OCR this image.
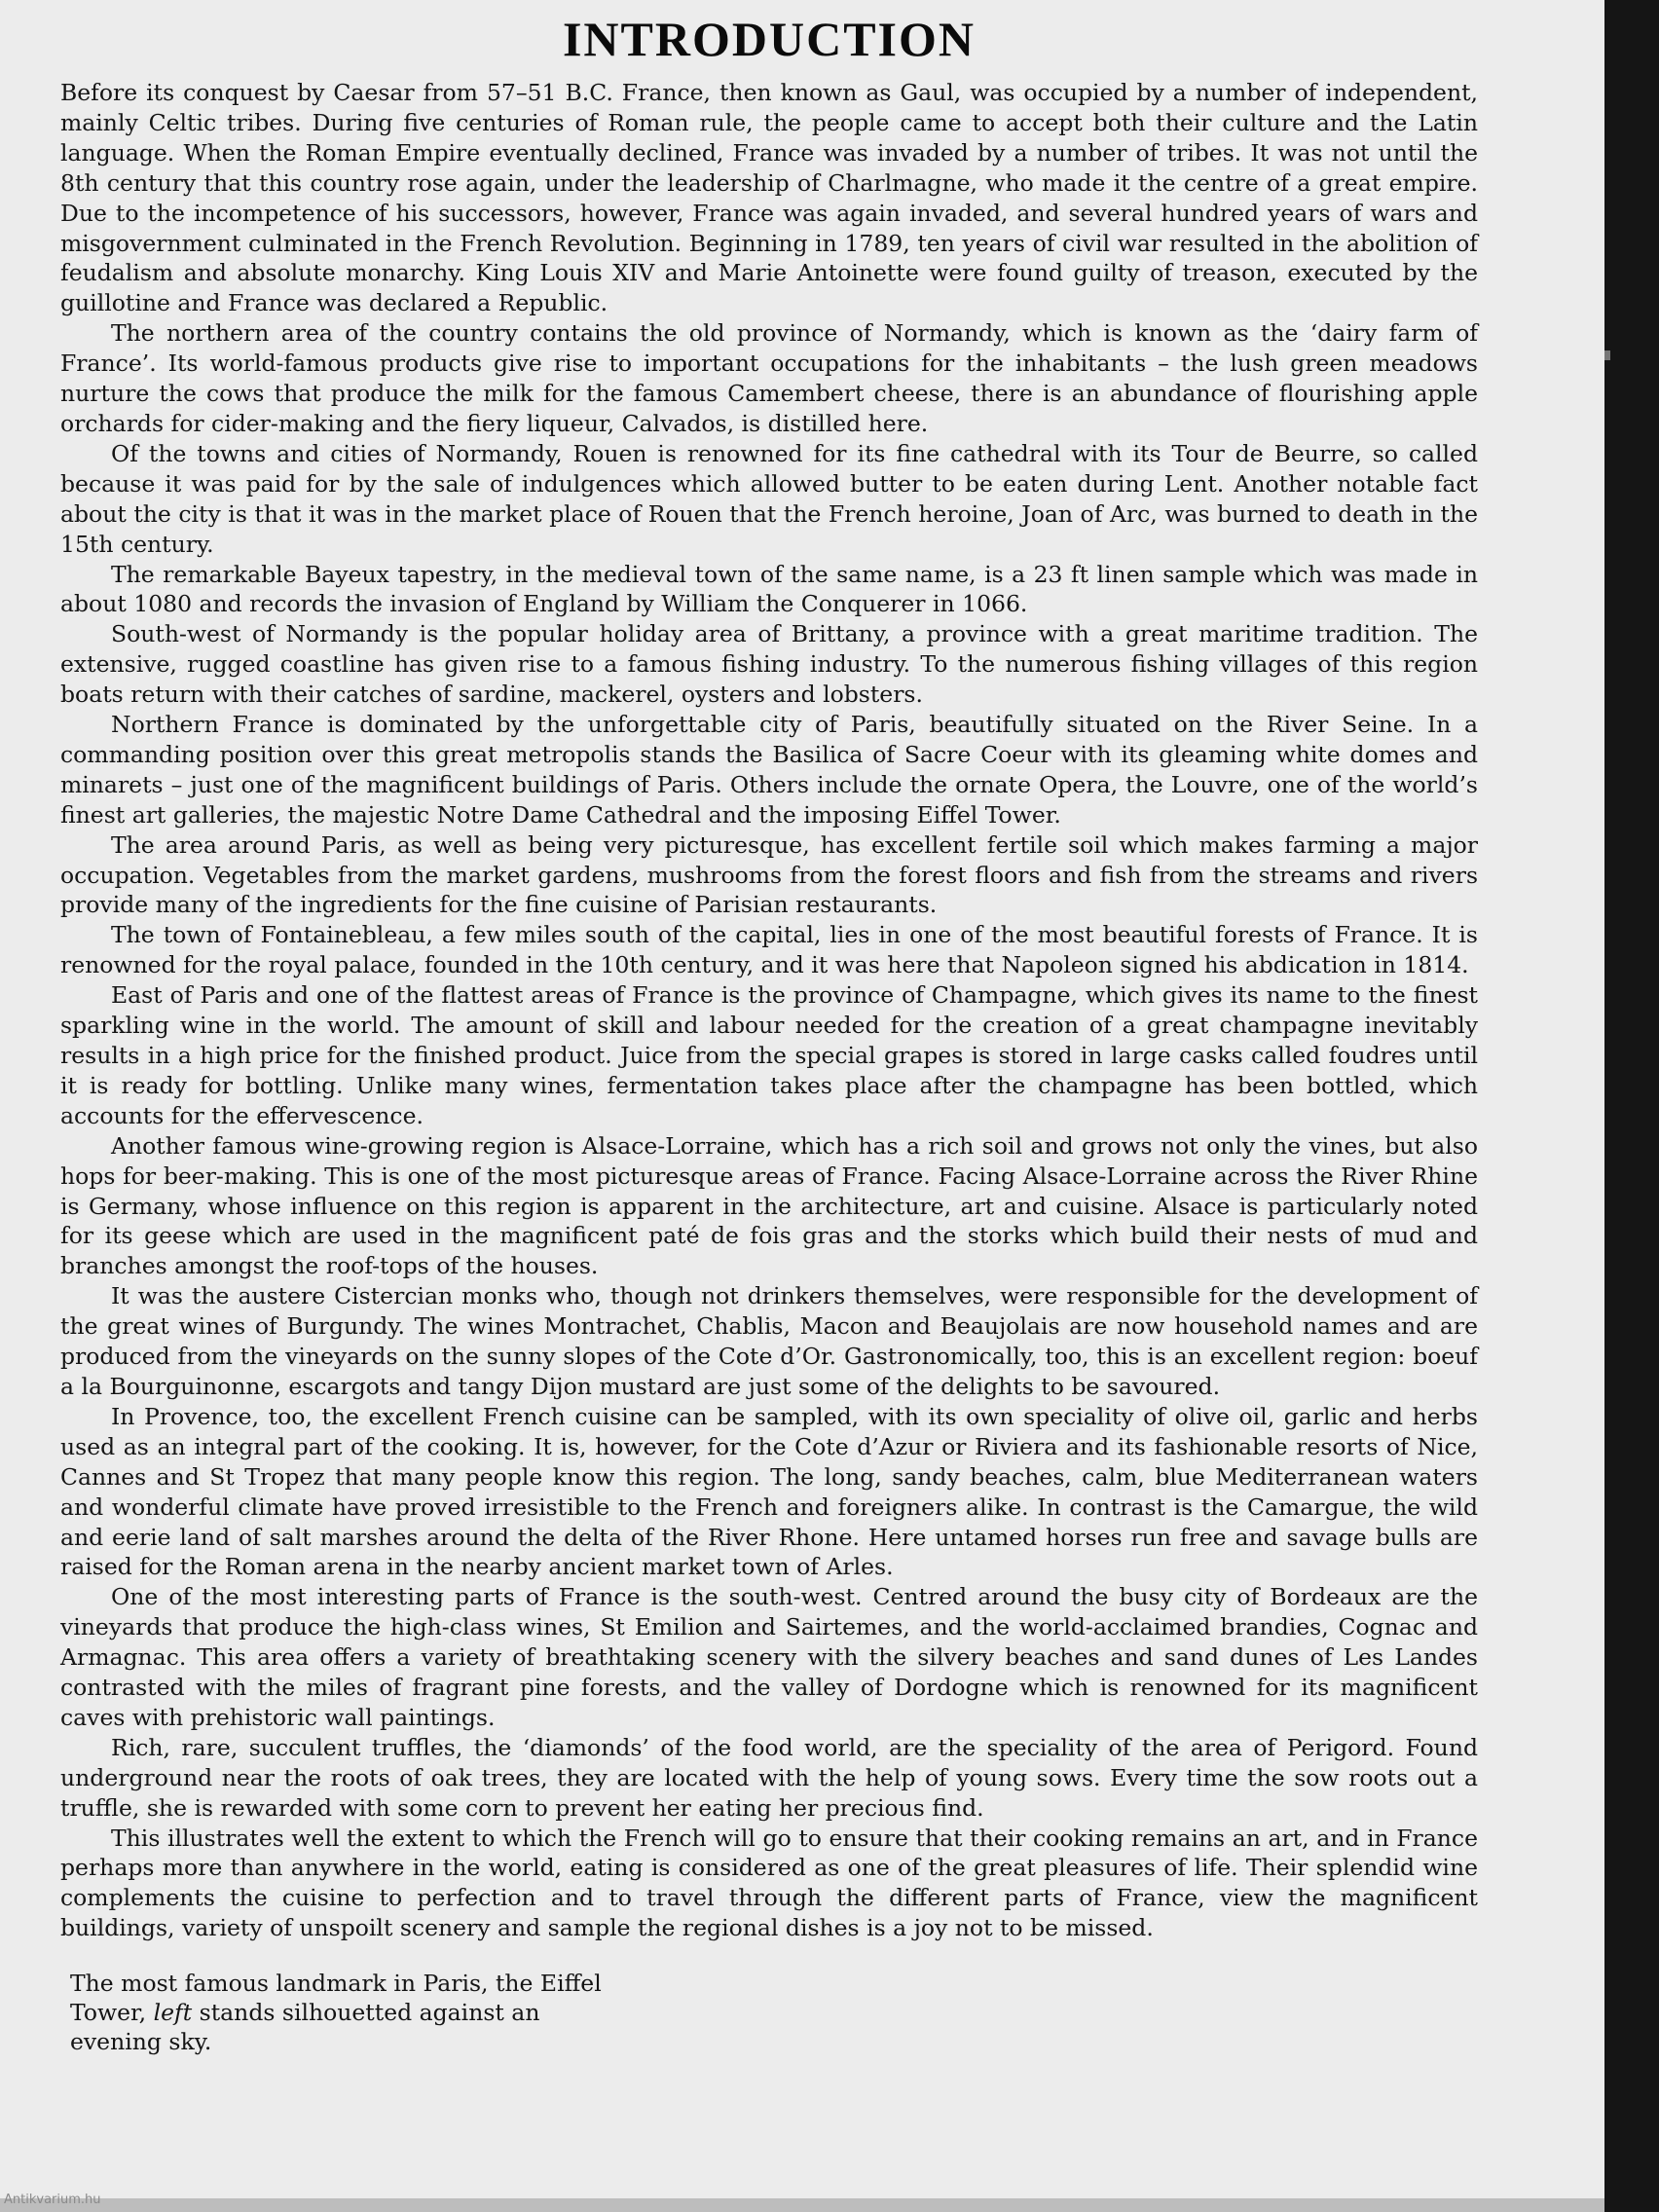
INTRODUCTION

Before its conquest by Caesar from 57–51 B.C. France, then known as Gaul, was occupied by a number of independent, mainly Celtic tribes. During five centuries of Roman rule, the people came to accept both their culture and the Latin language. When the Roman Empire eventually declined, France was invaded by a number of tribes. It was not until the 8th century that this country rose again, under the leadership of Charlmagne, who made it the centre of a great empire. Due to the incompetence of his successors, however, France was again invaded, and several hundred years of wars and misgovernment culminated in the French Revolution. Beginning in 1789, ten years of civil war resulted in the abolition of feudalism and absolute monarchy. King Louis XIV and Marie Antoinette were found guilty of treason, executed by the guillotine and France was declared a Republic.

The northern area of the country contains the old province of Normandy, which is known as the ‘dairy farm of France’. Its world-famous products give rise to important occupations for the inhabitants – the lush green meadows nurture the cows that produce the milk for the famous Camembert cheese, there is an abundance of flourishing apple orchards for cider-making and the fiery liqueur, Calvados, is distilled here.

Of the towns and cities of Normandy, Rouen is renowned for its fine cathedral with its Tour de Beurre, so called because it was paid for by the sale of indulgences which allowed butter to be eaten during Lent. Another notable fact about the city is that it was in the market place of Rouen that the French heroine, Joan of Arc, was burned to death in the 15th century.

The remarkable Bayeux tapestry, in the medieval town of the same name, is a 23 ft linen sample which was made in about 1080 and records the invasion of England by William the Conquerer in 1066.

South-west of Normandy is the popular holiday area of Brittany, a province with a great maritime tradition. The extensive, rugged coastline has given rise to a famous fishing industry. To the numerous fishing villages of this region boats return with their catches of sardine, mackerel, oysters and lobsters.

Northern France is dominated by the unforgettable city of Paris, beautifully situated on the River Seine. In a commanding position over this great metropolis stands the Basilica of Sacre Coeur with its gleaming white domes and minarets – just one of the magnificent buildings of Paris. Others include the ornate Opera, the Louvre, one of the world’s finest art galleries, the majestic Notre Dame Cathedral and the imposing Eiffel Tower.

The area around Paris, as well as being very picturesque, has excellent fertile soil which makes farming a major occupation. Vegetables from the market gardens, mushrooms from the forest floors and fish from the streams and rivers provide many of the ingredients for the fine cuisine of Parisian restaurants.

The town of Fontainebleau, a few miles south of the capital, lies in one of the most beautiful forests of France. It is renowned for the royal palace, founded in the 10th century, and it was here that Napoleon signed his abdication in 1814.

East of Paris and one of the flattest areas of France is the province of Champagne, which gives its name to the finest sparkling wine in the world. The amount of skill and labour needed for the creation of a great champagne inevitably results in a high price for the finished product. Juice from the special grapes is stored in large casks called foudres until it is ready for bottling. Unlike many wines, fermentation takes place after the champagne has been bottled, which accounts for the effervescence.

Another famous wine-growing region is Alsace-Lorraine, which has a rich soil and grows not only the vines, but also hops for beer-making. This is one of the most picturesque areas of France. Facing Alsace-Lorraine across the River Rhine is Germany, whose influence on this region is apparent in the architecture, art and cuisine. Alsace is particularly noted for its geese which are used in the magnificent paté de fois gras and the storks which build their nests of mud and branches amongst the roof-tops of the houses.

It was the austere Cistercian monks who, though not drinkers themselves, were responsible for the development of the great wines of Burgundy. The wines Montrachet, Chablis, Macon and Beaujolais are now household names and are produced from the vineyards on the sunny slopes of the Cote d’Or. Gastronomically, too, this is an excellent region: boeuf a la Bourguinonne, escargots and tangy Dijon mustard are just some of the delights to be savoured.

In Provence, too, the excellent French cuisine can be sampled, with its own speciality of olive oil, garlic and herbs used as an integral part of the cooking. It is, however, for the Cote d’Azur or Riviera and its fashionable resorts of Nice, Cannes and St Tropez that many people know this region. The long, sandy beaches, calm, blue Mediterranean waters and wonderful climate have proved irresistible to the French and foreigners alike. In contrast is the Camargue, the wild and eerie land of salt marshes around the delta of the River Rhone. Here untamed horses run free and savage bulls are raised for the Roman arena in the nearby ancient market town of Arles.

One of the most interesting parts of France is the south-west. Centred around the busy city of Bordeaux are the vineyards that produce the high-class wines, St Emilion and Sairtemes, and the world-acclaimed brandies, Cognac and Armagnac. This area offers a variety of breathtaking scenery with the silvery beaches and sand dunes of Les Landes contrasted with the miles of fragrant pine forests, and the valley of Dordogne which is renowned for its magnificent caves with prehistoric wall paintings.

Rich, rare, succulent truffles, the ‘diamonds’ of the food world, are the speciality of the area of Perigord. Found underground near the roots of oak trees, they are located with the help of young sows. Every time the sow roots out a truffle, she is rewarded with some corn to prevent her eating her precious find.

This illustrates well the extent to which the French will go to ensure that their cooking remains an art, and in France perhaps more than anywhere in the world, eating is considered as one of the great pleasures of life. Their splendid wine complements the cuisine to perfection and to travel through the different parts of France, view the magnificent buildings, variety of unspoilt scenery and sample the regional dishes is a joy not to be missed.

The most famous landmark in Paris, the Eiffel Tower, left stands silhouetted against an evening sky.
Antikvarium.hu
